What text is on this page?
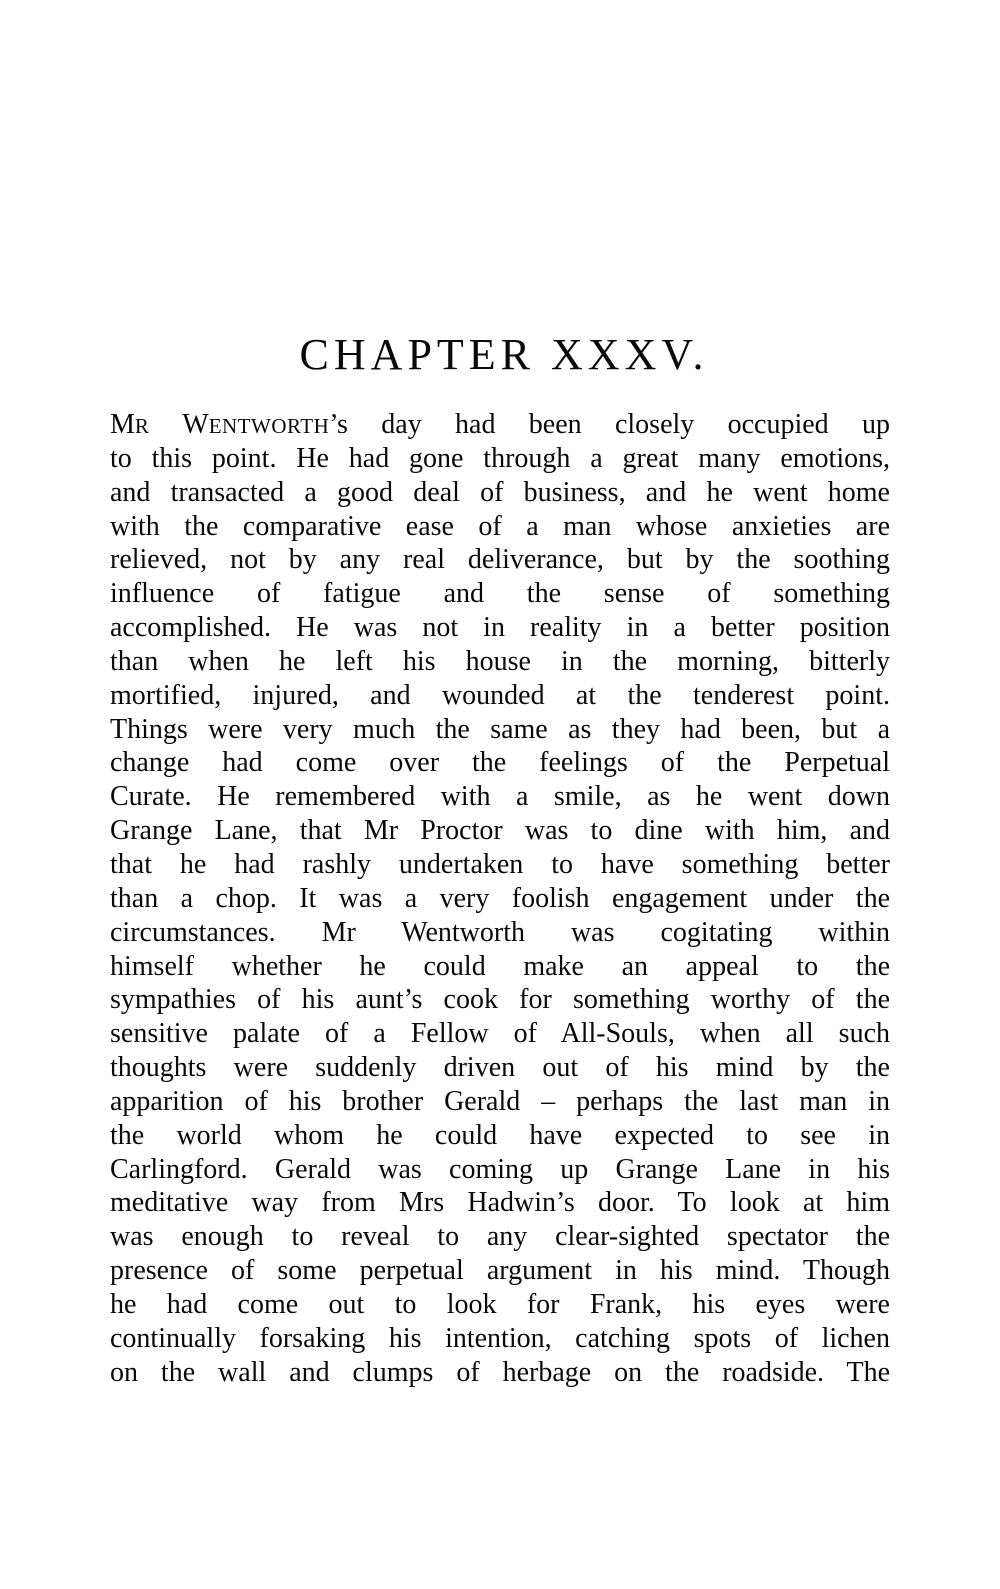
CHAPTER XXXV.
MR WENTWORTH’s day had been closely occupied up
to this point. He had gone through a great many emotions,
and transacted a good deal of business, and he went home
with the comparative ease of a man whose anxieties are
relieved, not by any real deliverance, but by the soothing
influence of fatigue and the sense of something
accomplished. He was not in reality in a better position
than when he left his house in the morning, bitterly
mortified, injured, and wounded at the tenderest point.
Things were very much the same as they had been, but a
change had come over the feelings of the Perpetual
Curate. He remembered with a smile, as he went down
Grange Lane, that Mr Proctor was to dine with him, and
that he had rashly undertaken to have something better
than a chop. It was a very foolish engagement under the
circumstances. Mr Wentworth was cogitating within
himself whether he could make an appeal to the
sympathies of his aunt’s cook for something worthy of the
sensitive palate of a Fellow of All-Souls, when all such
thoughts were suddenly driven out of his mind by the
apparition of his brother Gerald – perhaps the last man in
the world whom he could have expected to see in
Carlingford. Gerald was coming up Grange Lane in his
meditative way from Mrs Hadwin’s door. To look at him
was enough to reveal to any clear-sighted spectator the
presence of some perpetual argument in his mind. Though
he had come out to look for Frank, his eyes were
continually forsaking his intention, catching spots of lichen
on the wall and clumps of herbage on the roadside. The
